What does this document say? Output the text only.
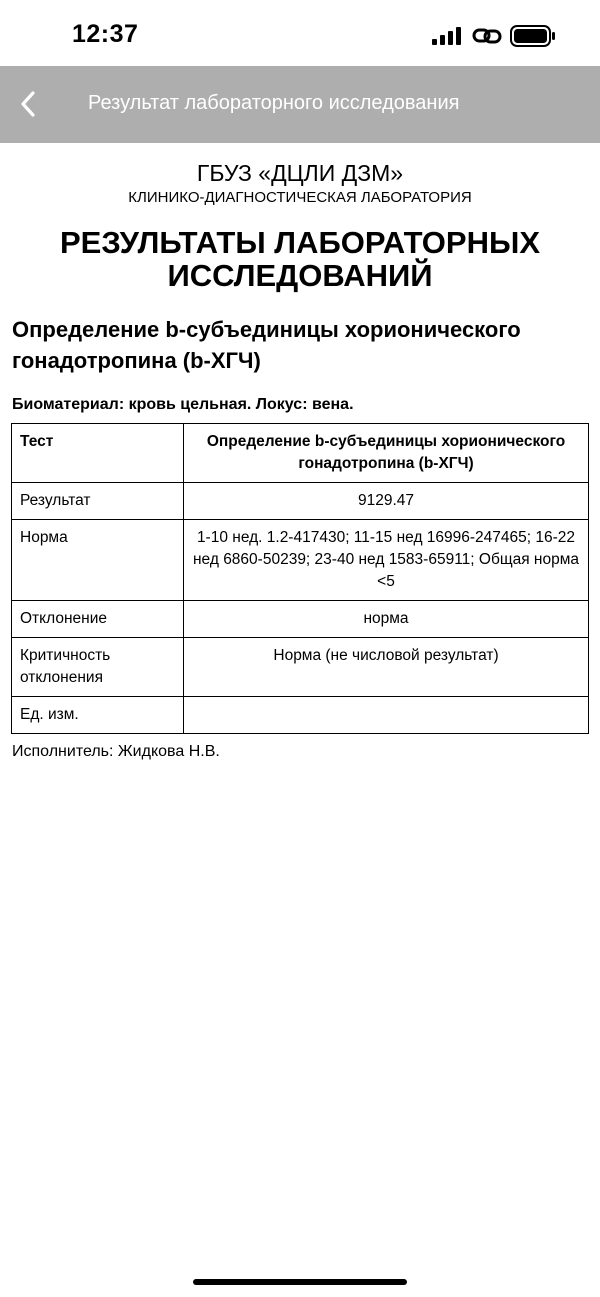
12:37
Результат лабораторного исследования
ГБУЗ «ДЦЛИ ДЗМ»
КЛИНИКО-ДИАГНОСТИЧЕСКАЯ ЛАБОРАТОРИЯ
РЕЗУЛЬТАТЫ ЛАБОРАТОРНЫХ ИССЛЕДОВАНИЙ
Определение b-субъединицы хорионического гонадотропина (b-ХГЧ)
Биоматериал: кровь цельная. Локус: вена.
Тест	Определение b-субъединицы хорионического гонадотропина (b-ХГЧ)
Результат	9129.47
Норма	1-10 нед. 1.2-417430; 11-15 нед 16996-247465; 16-22 нед 6860-50239; 23-40 нед 1583-65911; Общая норма <5
Отклонение	норма
Критичность отклонения	Норма (не числовой результат)
Ед. изм.	
Исполнитель: Жидкова Н.В.
